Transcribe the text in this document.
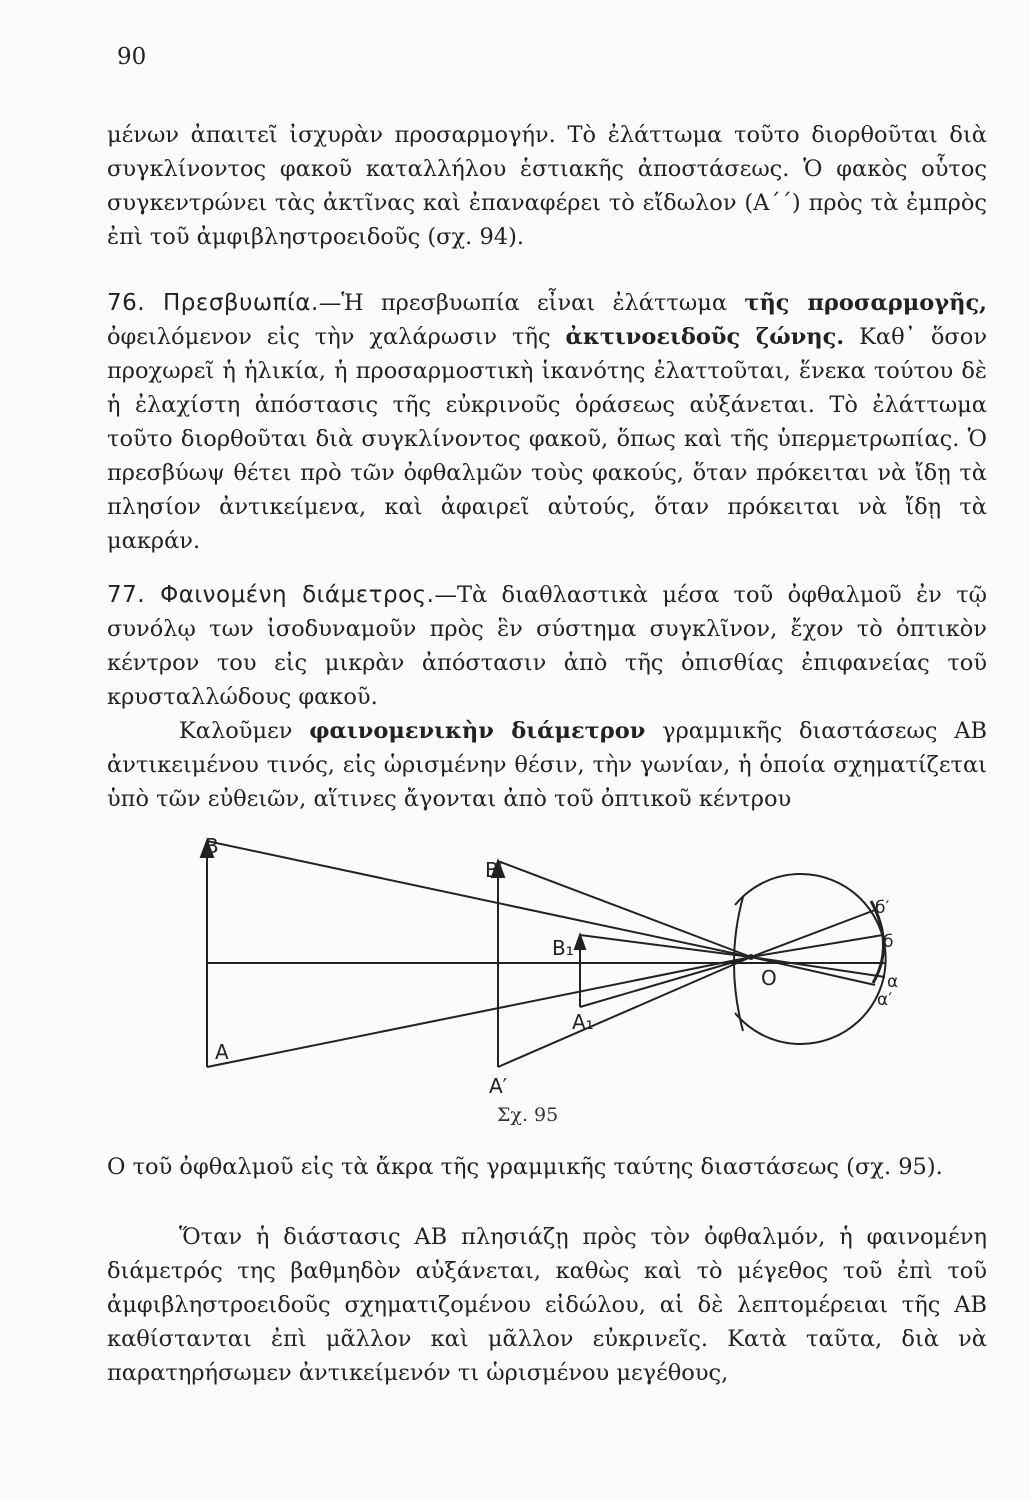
90

μένων ἀπαιτεῖ ἰσχυρὰν προσαρμογήν. Τὸ ἐλάττωμα τοῦτο διορθοῦται διὰ συγκλίνοντος φακοῦ καταλλήλου ἑστιακῆς ἀποστάσεως. Ὁ φακὸς οὗτος συγκεντρώνει τὰς ἀκτῖνας καὶ ἐπαναφέρει τὸ εἴδωλον (Α΄΄) πρὸς τὰ ἐμπρὸς ἐπὶ τοῦ ἀμφιβληστροειδοῦς (σχ. 94).

76. Πρεσβυωπία.—Ἡ πρεσβυωπία εἶναι ἐλάττωμα τῆς προσαρμογῆς, ὀφειλόμενον εἰς τὴν χαλάρωσιν τῆς ἀκτινοειδοῦς ζώνης. Καθ᾽ ὅσον προχωρεῖ ἡ ἡλικία, ἡ προσαρμοστικὴ ἱκανότης ἐλαττοῦται, ἕνεκα τούτου δὲ ἡ ἐλαχίστη ἀπόστασις τῆς εὐκρινοῦς ὁράσεως αὐξάνεται. Τὸ ἐλάττωμα τοῦτο διορθοῦται διὰ συγκλίνοντος φακοῦ, ὅπως καὶ τῆς ὑπερμετρωπίας. Ὁ πρεσβύωψ θέτει πρὸ τῶν ὀφθαλμῶν τοὺς φακούς, ὅταν πρόκειται νὰ ἴδῃ τὰ πλησίον ἀντικείμενα, καὶ ἀφαιρεῖ αὐτούς, ὅταν πρόκειται νὰ ἴδῃ τὰ μακράν.

77. Φαινομένη διάμετρος.—Τὰ διαθλαστικὰ μέσα τοῦ ὀφθαλμοῦ ἐν τῷ συνόλῳ των ἰσοδυναμοῦν πρὸς ἓν σύστημα συγκλῖνον, ἔχον τὸ ὀπτικὸν κέντρον του εἰς μικρὰν ἀπόστασιν ἀπὸ τῆς ὀπισθίας ἐπιφανείας τοῦ κρυσταλλώδους φακοῦ.

Καλοῦμεν φαινομενικὴν διάμετρον γραμμικῆς διαστάσεως ΑΒ ἀντικειμένου τινός, εἰς ὡρισμένην θέσιν, τὴν γωνίαν, ἡ ὁποία σχηματίζεται ὑπὸ τῶν εὐθειῶν, αἵτινες ἄγονται ἀπὸ τοῦ ὀπτικοῦ κέντρου

B
A
B′
A′
B₁
A₁
O
б′
б
α
α′
Σχ. 95

Ο τοῦ ὀφθαλμοῦ εἰς τὰ ἄκρα τῆς γραμμικῆς ταύτης διαστάσεως (σχ. 95).

Ὅταν ἡ διάστασις ΑΒ πλησιάζῃ πρὸς τὸν ὀφθαλμόν, ἡ φαινομένη διάμετρός της βαθμηδὸν αὐξάνεται, καθὼς καὶ τὸ μέγεθος τοῦ ἐπὶ τοῦ ἀμφιβληστροειδοῦς σχηματιζομένου εἰδώλου, αἱ δὲ λεπτομέρειαι τῆς ΑΒ καθίστανται ἐπὶ μᾶλλον καὶ μᾶλλον εὐκρινεῖς. Κατὰ ταῦτα, διὰ νὰ παρατηρήσωμεν ἀντικείμενόν τι ὡρισμένου μεγέθους,
